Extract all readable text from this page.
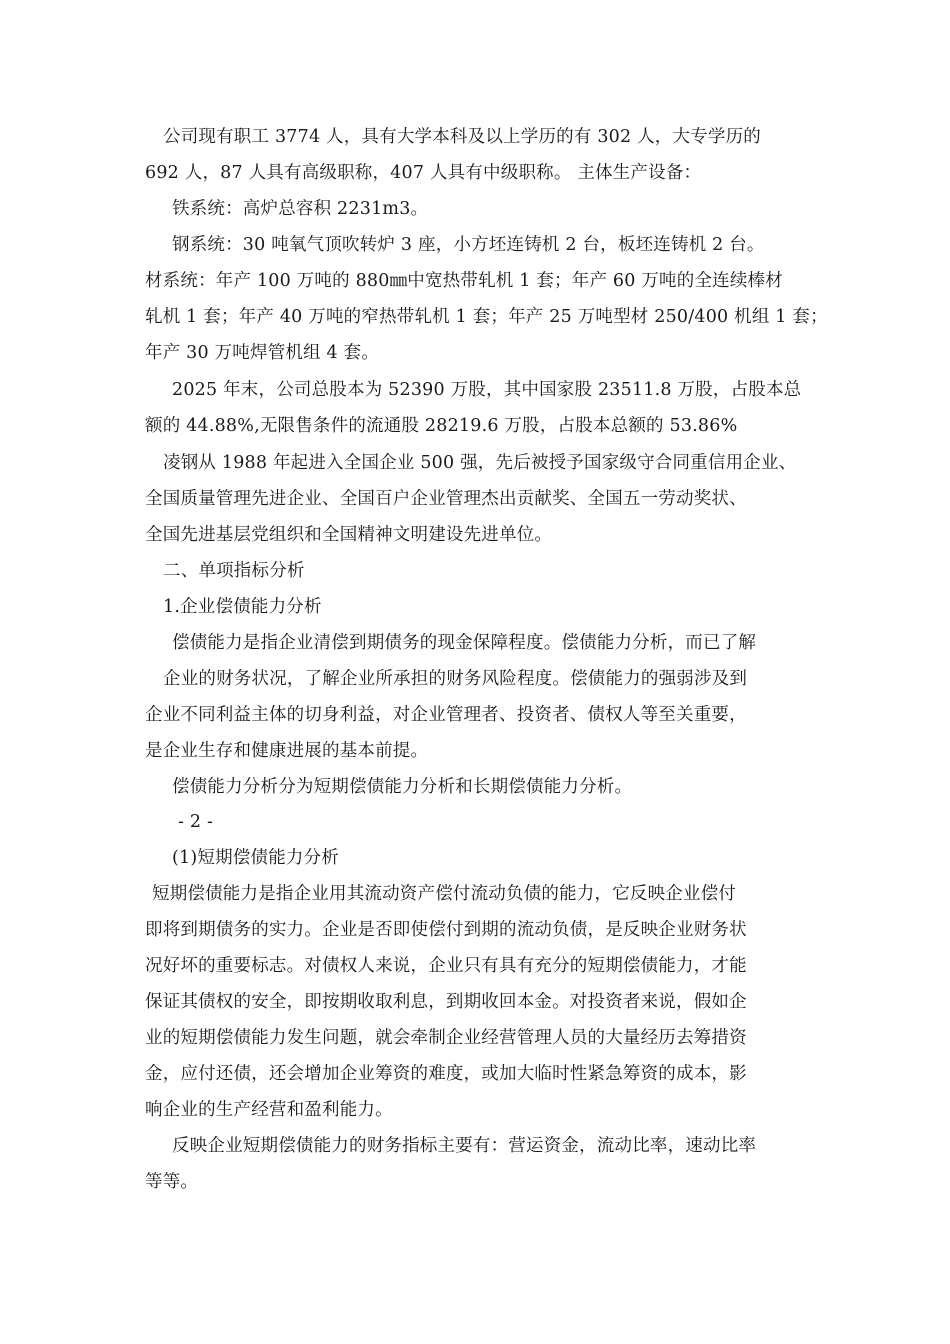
公司现有职工 3774 人，具有大学本科及以上学历的有 302 人，大专学历的
692 人，87 人具有高级职称，407 人具有中级职称。 主体生产设备：
铁系统：高炉总容积 2231m3。
钢系统：30 吨氧气顶吹转炉 3 座，小方坯连铸机 2 台，板坯连铸机 2 台。
材系统：年产 100 万吨的 880㎜中宽热带轧机 1 套；年产 60 万吨的全连续棒材
轧机 1 套；年产 40 万吨的窄热带轧机 1 套；年产 25 万吨型材 250/400 机组 1 套；
年产 30 万吨焊管机组 4 套。
2025 年末，公司总股本为 52390 万股，其中国家股 23511.8 万股，占股本总
额的 44.88%,无限售条件的流通股 28219.6 万股，占股本总额的 53.86%
凌钢从 1988 年起进入全国企业 500 强，先后被授予国家级守合同重信用企业、
全国质量管理先进企业、全国百户企业管理杰出贡献奖、全国五一劳动奖状、
全国先进基层党组织和全国精神文明建设先进单位。
二、单项指标分析
1.企业偿债能力分析
偿债能力是指企业清偿到期债务的现金保障程度。偿债能力分析，而已了解
企业的财务状况，了解企业所承担的财务风险程度。偿债能力的强弱涉及到
企业不同利益主体的切身利益，对企业管理者、投资者、债权人等至关重要，
是企业生存和健康进展的基本前提。
偿债能力分析分为短期偿债能力分析和长期偿债能力分析。
- 2 -
(1)短期偿债能力分析
短期偿债能力是指企业用其流动资产偿付流动负债的能力，它反映企业偿付
即将到期债务的实力。企业是否即使偿付到期的流动负债，是反映企业财务状
况好坏的重要标志。对债权人来说，企业只有具有充分的短期偿债能力，才能
保证其债权的安全，即按期收取利息，到期收回本金。对投资者来说，假如企
业的短期偿债能力发生问题，就会牵制企业经营管理人员的大量经历去筹措资
金，应付还债，还会增加企业筹资的难度，或加大临时性紧急筹资的成本，影
响企业的生产经营和盈利能力。
反映企业短期偿债能力的财务指标主要有：营运资金，流动比率，速动比率
等等。
